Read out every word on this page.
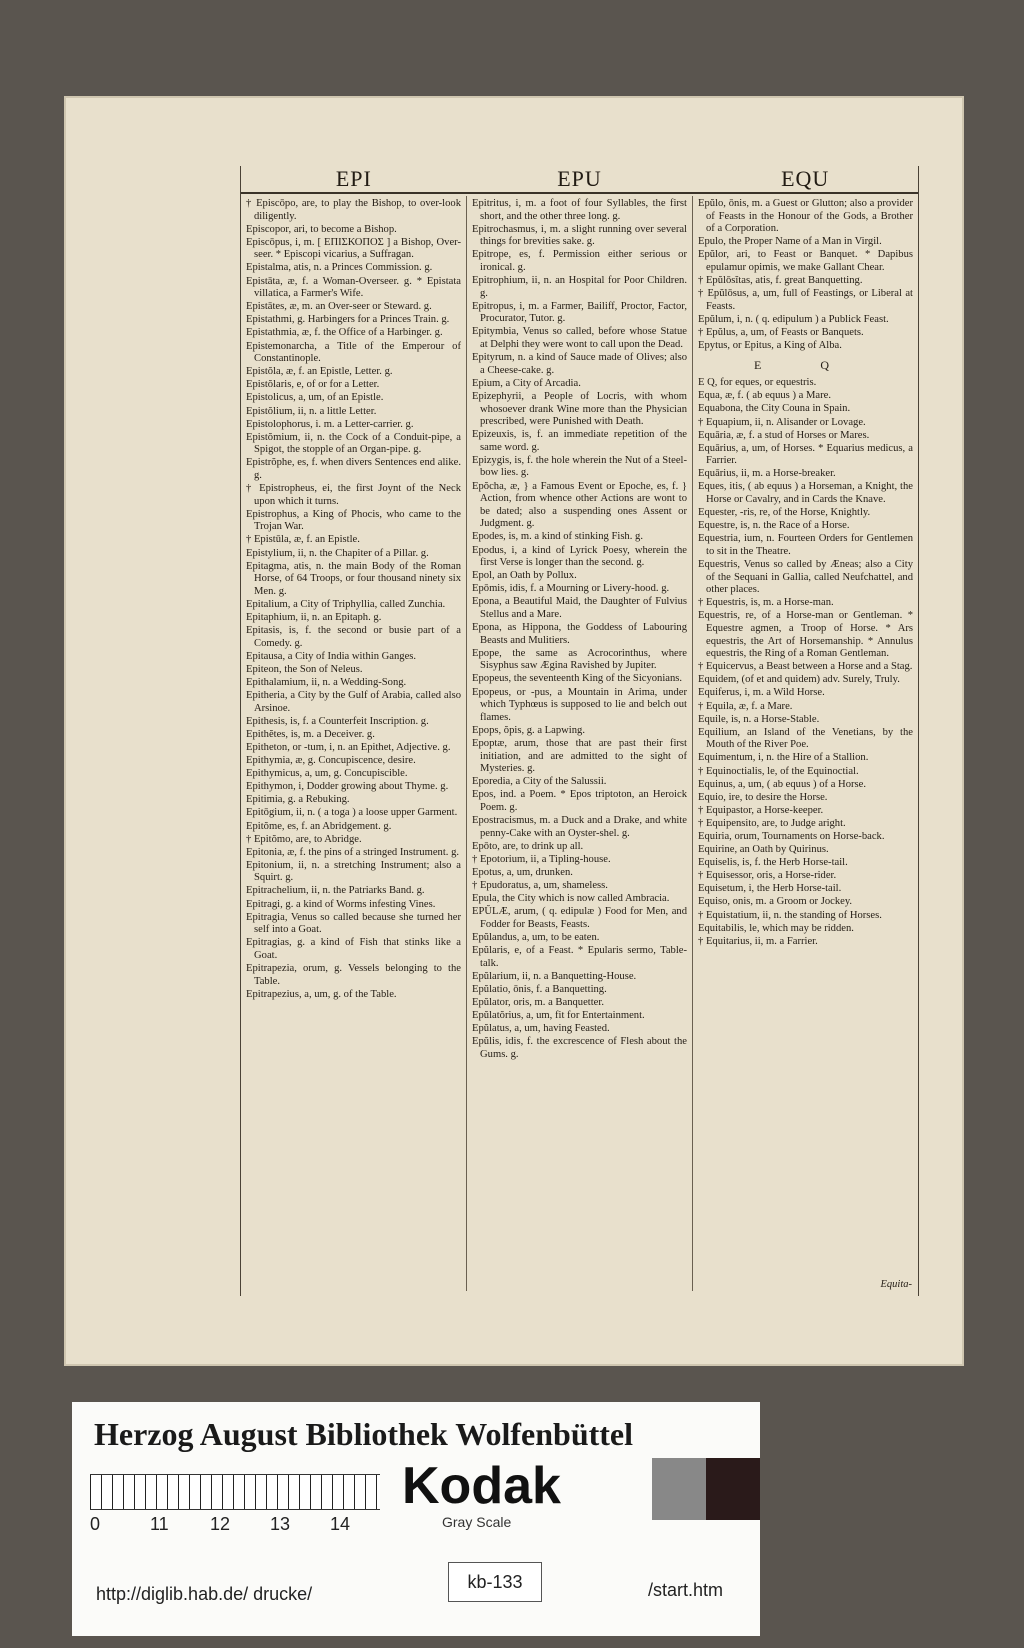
EPI	EPU	EQU

† Episcōpo, are, to play the Bishop, to over-look diligently.

Episcopor, ari, to become a Bishop.

Episcōpus, i, m. [ ΕΠΙΣΚΟΠΟΣ ] a Bishop, Over-seer. * Episcopi vicarius, a Suffragan.

Epistalma, atis, n. a Princes Commission. g.

Epistāta, æ, f. a Woman-Overseer. g. * Epistata villatica, a Farmer's Wife.

Epistātes, æ, m. an Over-seer or Steward. g.

Epistathmi, g. Harbingers for a Princes Train. g.

Epistathmia, æ, f. the Office of a Harbinger. g.

Epistemonarcha, a Title of the Emperour of Constantinople.

Epistŏla, æ, f. an Epistle, Letter. g.

Epistŏlaris, e, of or for a Letter.

Epistolicus, a, um, of an Epistle.

Epistŏlium, ii, n. a little Letter.

Epistolophorus, i. m. a Letter-carrier. g.

Epistŏmium, ii, n. the Cock of a Conduit-pipe, a Spigot, the stopple of an Organ-pipe. g.

Epistrŏphe, es, f. when divers Sentences end alike. g.

† Epistropheus, ei, the first Joynt of the Neck upon which it turns.

Epistrophus, a King of Phocis, who came to the Trojan War.

† Epistūla, æ, f. an Epistle.

Epistylium, ii, n. the Chapiter of a Pillar. g.

Epitagma, atis, n. the main Body of the Roman Horse, of 64 Troops, or four thousand ninety six Men. g.

Epitalium, a City of Triphyllia, called Zunchia.

Epitaphium, ii, n. an Epitaph. g.

Epitasis, is, f. the second or busie part of a Comedy. g.

Epitausa, a City of India within Ganges.

Epiteon, the Son of Neleus.

Epithalamium, ii, n. a Wedding-Song.

Epitheria, a City by the Gulf of Arabia, called also Arsinoe.

Epithesis, is, f. a Counterfeit Inscription. g.

Epithĕtes, is, m. a Deceiver. g.

Epitheton, or -tum, i, n. an Epithet, Adjective. g.

Epithymia, æ, g. Concupiscence, desire.

Epithymicus, a, um, g. Concupiscible.

Epithymon, i, Dodder growing about Thyme. g.

Epitimia, g. a Rebuking.

Epitōgium, ii, n. ( a toga ) a loose upper Garment.

Epitŏme, es, f. an Abridgement. g.

† Epitŏmo, are, to Abridge.

Epitonia, æ, f. the pins of a stringed Instrument. g.

Epitonium, ii, n. a stretching Instrument; also a Squirt. g.

Epitrachelium, ii, n. the Patriarks Band. g.

Epitragi, g. a kind of Worms infesting Vines.

Epitragia, Venus so called because she turned her self into a Goat.

Epitragias, g. a kind of Fish that stinks like a Goat.

Epitrapezia, orum, g. Vessels belonging to the Table.

Epitrapezius, a, um, g. of the Table.

Epitritus, i, m. a foot of four Syllables, the first short, and the other three long. g.

Epitrochasmus, i, m. a slight running over several things for brevities sake. g.

Epitrope, es, f. Permission either serious or ironical. g.

Epitrophium, ii, n. an Hospital for Poor Children. g.

Epitropus, i, m. a Farmer, Bailiff, Proctor, Factor, Procurator, Tutor. g.

Epitymbia, Venus so called, before whose Statue at Delphi they were wont to call upon the Dead.

Epityrum, n. a kind of Sauce made of Olives; also a Cheese-cake. g.

Epium, a City of Arcadia.

Epizephyrii, a People of Locris, with whom whosoever drank Wine more than the Physician prescribed, were Punished with Death.

Epizeuxis, is, f. an immediate repetition of the same word. g.

Epizygis, is, f. the hole wherein the Nut of a Steel-bow lies. g.

Epŏcha, æ, } a Famous Event or Epoche, es, f. } Action, from whence other Actions are wont to be dated; also a suspending ones Assent or Judgment. g.

Epodes, is, m. a kind of stinking Fish. g.

Epodus, i, a kind of Lyrick Poesy, wherein the first Verse is longer than the second. g.

Epol, an Oath by Pollux.

Epōmis, idis, f. a Mourning or Livery-hood. g.

Epona, a Beautiful Maid, the Daughter of Fulvius Stellus and a Mare.

Epona, as Hippona, the Goddess of Labouring Beasts and Mulitiers.

Epope, the same as Acrocorinthus, where Sisyphus saw Ægina Ravished by Jupiter.

Epopeus, the seventeenth King of the Sicyonians.

Epopeus, or -pus, a Mountain in Arima, under which Typhœus is supposed to lie and belch out flames.

Epops, ŏpis, g. a Lapwing.

Epoptæ, arum, those that are past their first initiation, and are admitted to the sight of Mysteries. g.

Eporedia, a City of the Salussii.

Epos, ind. a Poem. * Epos triptoton, an Heroick Poem. g.

Epostracismus, m. a Duck and a Drake, and white penny-Cake with an Oyster-shel. g.

Epōto, are, to drink up all.

† Epotorium, ii, a Tipling-house.

Epotus, a, um, drunken.

† Epudoratus, a, um, shameless.

Epula, the City which is now called Ambracia.

EPŬLÆ, arum, ( q. edipulæ ) Food for Men, and Fodder for Beasts, Feasts.

Epŭlandus, a, um, to be eaten.

Epŭlaris, e, of a Feast. * Epularis sermo, Table-talk.

Epŭlarium, ii, n. a Banquetting-House.

Epŭlatio, ōnis, f. a Banquetting.

Epŭlator, oris, m. a Banquetter.

Epŭlatŏrius, a, um, fit for Entertainment.

Epŭlatus, a, um, having Feasted.

Epŭlis, idis, f. the excrescence of Flesh about the Gums. g.

Epŭlo, ōnis, m. a Guest or Glutton; also a provider of Feasts in the Honour of the Gods, a Brother of a Corporation.

Epulo, the Proper Name of a Man in Virgil.

Epŭlor, ari, to Feast or Banquet. * Dapibus epulamur opimis, we make Gallant Chear.

† Epŭlōsĭtas, atis, f. great Banquetting.

† Epŭlōsus, a, um, full of Feastings, or Liberal at Feasts.

Epŭlum, i, n. ( q. edipulum ) a Publick Feast.

† Epŭlus, a, um, of Feasts or Banquets.

Epytus, or Epitus, a King of Alba.

E Q

E Q, for eques, or equestris.

Equa, æ, f. ( ab equus ) a Mare.

Equabona, the City Couna in Spain.

† Equapium, ii, n. Alisander or Lovage.

Equāria, æ, f. a stud of Horses or Mares.

Equārius, a, um, of Horses. * Equarius medicus, a Farrier.

Equārius, ii, m. a Horse-breaker.

Eques, itis, ( ab equus ) a Horseman, a Knight, the Horse or Cavalry, and in Cards the Knave.

Equester, -ris, re, of the Horse, Knightly.

Equestre, is, n. the Race of a Horse.

Equestria, ium, n. Fourteen Orders for Gentlemen to sit in the Theatre.

Equestris, Venus so called by Æneas; also a City of the Sequani in Gallia, called Neufchattel, and other places.

† Equestris, is, m. a Horse-man.

Equestris, re, of a Horse-man or Gentleman. * Equestre agmen, a Troop of Horse. * Ars equestris, the Art of Horsemanship. * Annulus equestris, the Ring of a Roman Gentleman.

† Equicervus, a Beast between a Horse and a Stag.

Equidem, (of et and quidem) adv. Surely, Truly.

Equiferus, i, m. a Wild Horse.

† Equila, æ, f. a Mare.

Equile, is, n. a Horse-Stable.

Equilium, an Island of the Venetians, by the Mouth of the River Poe.

Equimentum, i, n. the Hire of a Stallion.

† Equinoctialis, le, of the Equinoctial.

Equinus, a, um, ( ab equus ) of a Horse.

Equio, ire, to desire the Horse.

† Equipastor, a Horse-keeper.

† Equipensito, are, to Judge aright.

Equiria, orum, Tournaments on Horse-back.

Equirine, an Oath by Quirinus.

Equiselis, is, f. the Herb Horse-tail.

† Equisessor, oris, a Horse-rider.

Equisetum, i, the Herb Horse-tail.

Equiso, onis, m. a Groom or Jockey.

† Equistatium, ii, n. the standing of Horses.

Equitabilis, le, which may be ridden.

† Equitarius, ii, m. a Farrier.

Equita-
Herzog August Bibliothek Wolfenbüttel
0	11	12	13	14
Kodak
Gray Scale
http://diglib.hab.de/ drucke/
kb-133	/start.htm
